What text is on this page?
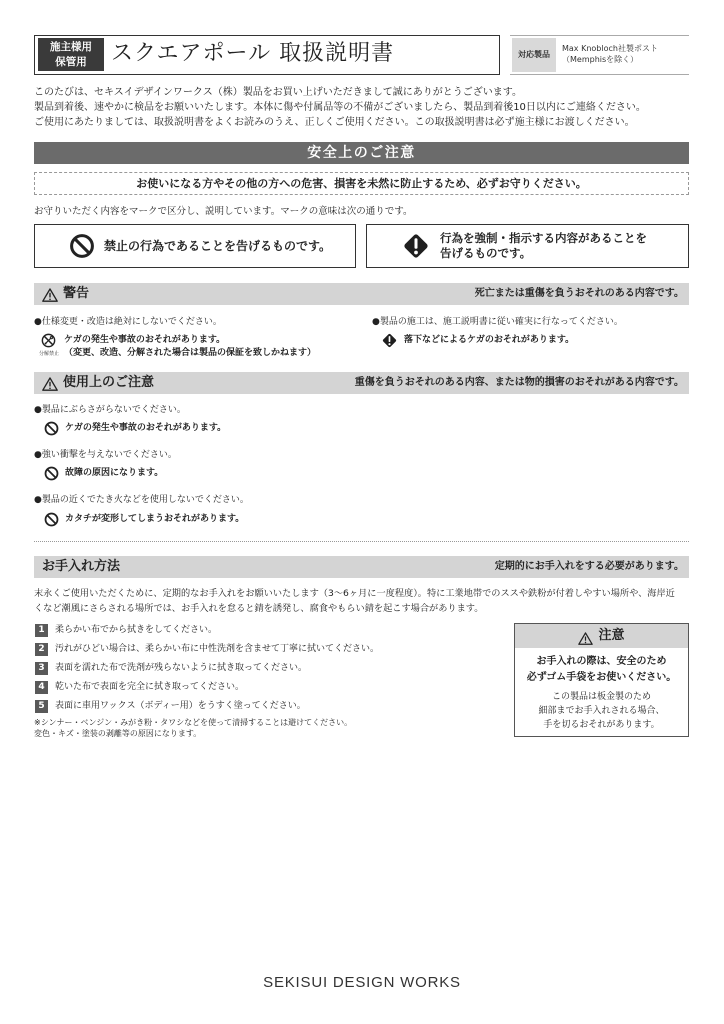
施主様用
保管用	スクエアポール 取扱説明書	対応製品
Max Knobloch社製ポスト
（Memphisを除く）
このたびは、セキスイデザインワークス（株）製品をお買い上げいただきまして誠にありがとうございます。
製品到着後、速やかに検品をお願いいたします。本体に傷や付属品等の不備がございましたら、製品到着後10日以内にご連絡ください。
ご使用にあたりましては、取扱説明書をよくお読みのうえ、正しくご使用ください。この取扱説明書は必ず施主様にお渡しください。
安全上のご注意
お使いになる方やその他の方への危害、損害を未然に防止するため、必ずお守りください。
お守りいただく内容をマークで区分し、説明しています。マークの意味は次の通りです。
禁止の行為であることを告げるものです。
行為を強制・指示する内容があることを
告げるものです。
警告	死亡または重傷を負うおそれのある内容です。
●仕様変更・改造は絶対にしないでください。
分解禁止
ケガの発生や事故のおそれがあります。
（変更、改造、分解された場合は製品の保証を致しかねます）
●製品の施工は、施工説明書に従い確実に行なってください。
落下などによるケガのおそれがあります。
使用上のご注意	重傷を負うおそれのある内容、または物的損害のおそれがある内容です。
●製品にぶらさがらないでください。
ケガの発生や事故のおそれがあります。
●強い衝撃を与えないでください。
故障の原因になります。
●製品の近くでたき火などを使用しないでください。
カタチが変形してしまうおそれがあります。
お手入れ方法	定期的にお手入れをする必要があります。
末永くご使用いただくために、定期的なお手入れをお願いいたします（3～6ヶ月に一度程度）。特に工業地帯でのススや鉄粉が付着しやすい場所や、海岸近
くなど潮風にさらされる場所では、お手入れを怠ると錆を誘発し、腐食やもらい錆を起こす場合があります。
1	柔らかい布でから拭きをしてください。
2	汚れがひどい場合は、柔らかい布に中性洗剤を含ませて丁寧に拭いてください。
3	表面を濡れた布で洗剤が残らないように拭き取ってください。
4	乾いた布で表面を完全に拭き取ってください。
5	表面に車用ワックス（ボディー用）をうすく塗ってください。
※シンナー・ベンジン・みがき粉・タワシなどを使って清掃することは避けてください。
変色・キズ・塗装の剥離等の原因になります。
注意
お手入れの際は、安全のため
必ずゴム手袋をお使いください。
この製品は板金製のため
細部までお手入れされる場合、
手を切るおそれがあります。
SEKISUI DESIGN WORKS
